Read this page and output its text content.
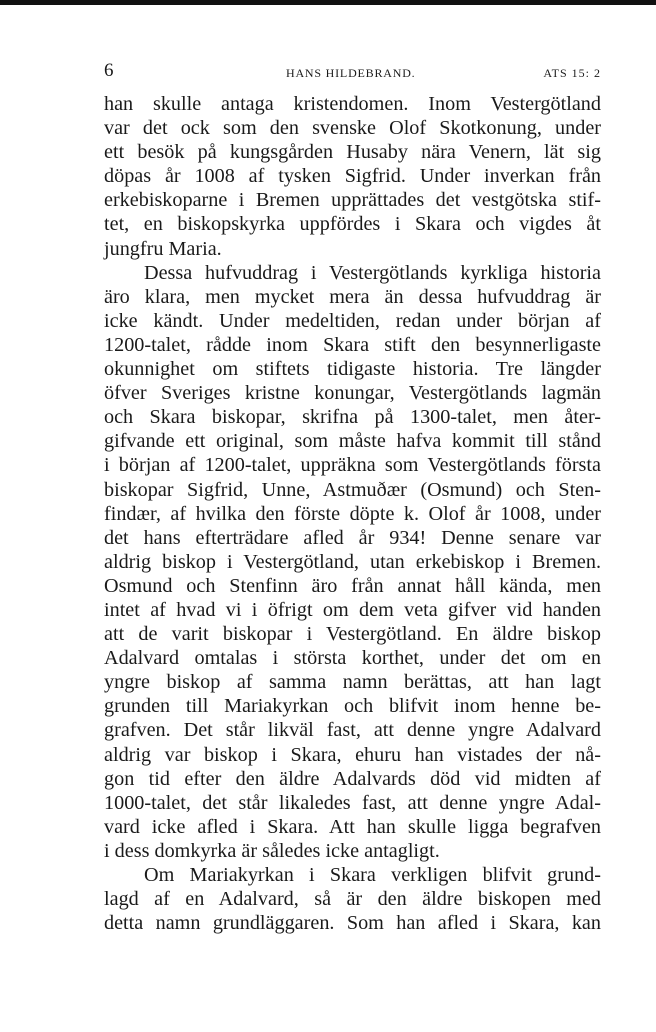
6	HANS HILDEBRAND.	ATS 15: 2
han skulle antaga kristendomen. Inom Vestergötland
var det ock som den svenske Olof Skotkonung, under
ett besök på kungsgården Husaby nära Venern, lät sig
döpas år 1008 af tysken Sigfrid. Under inverkan från
erkebiskoparne i Bremen upprättades det vestgötska stif-
tet, en biskopskyrka uppfördes i Skara och vigdes åt
jungfru Maria.
Dessa hufvuddrag i Vestergötlands kyrkliga historia
äro klara, men mycket mera än dessa hufvuddrag är
icke kändt. Under medeltiden, redan under början af
1200-talet, rådde inom Skara stift den besynnerligaste
okunnighet om stiftets tidigaste historia. Tre längder
öfver Sveriges kristne konungar, Vestergötlands lagmän
och Skara biskopar, skrifna på 1300-talet, men åter-
gifvande ett original, som måste hafva kommit till stånd
i början af 1200-talet, uppräkna som Vestergötlands första
biskopar Sigfrid, Unne, Astmuðær (Osmund) och Sten-
findær, af hvilka den förste döpte k. Olof år 1008, under
det hans efterträdare afled år 934! Denne senare var
aldrig biskop i Vestergötland, utan erkebiskop i Bremen.
Osmund och Stenfinn äro från annat håll kända, men
intet af hvad vi i öfrigt om dem veta gifver vid handen
att de varit biskopar i Vestergötland. En äldre biskop
Adalvard omtalas i största korthet, under det om en
yngre biskop af samma namn berättas, att han lagt
grunden till Mariakyrkan och blifvit inom henne be-
grafven. Det står likväl fast, att denne yngre Adalvard
aldrig var biskop i Skara, ehuru han vistades der nå-
gon tid efter den äldre Adalvards död vid midten af
1000-talet, det står likaledes fast, att denne yngre Adal-
vard icke afled i Skara. Att han skulle ligga begrafven
i dess domkyrka är således icke antagligt.
Om Mariakyrkan i Skara verkligen blifvit grund-
lagd af en Adalvard, så är den äldre biskopen med
detta namn grundläggaren. Som han afled i Skara, kan
